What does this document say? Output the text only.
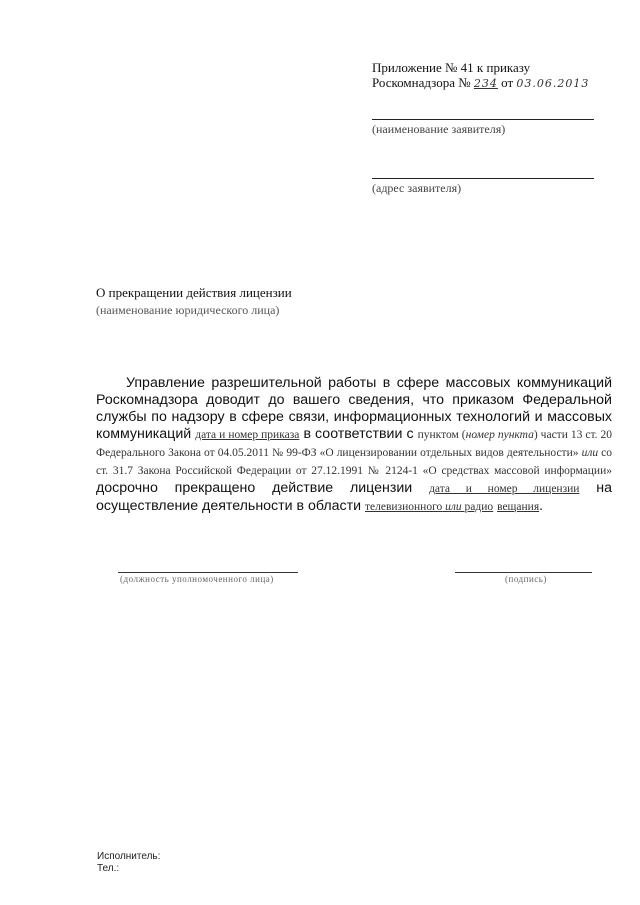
Приложение № 41 к приказу
Роскомнадзора № 234 от 03.06.2013
(наименование заявителя)
(адрес заявителя)
О прекращении действия лицензии
(наименование юридического лица)
Управление разрешительной работы в сфере массовых коммуникаций Роскомнадзора доводит до вашего сведения, что приказом Федеральной службы по надзору в сфере связи, информационных технологий и массовых коммуникаций дата и номер приказа в соответствии с пунктом (номер пункта) части 13 ст. 20 Федерального Закона от 04.05.2011 № 99-ФЗ «О лицензировании отдельных видов деятельности» или со ст. 31.7 Закона Российской Федерации от 27.12.1991 № 2124-1 «О средствах массовой информации» досрочно прекращено действие лицензии дата и номер лицензии на осуществление деятельности в области телевизионного или радио вещания.
(должность уполномоченного лица)	(подпись)
Исполнитель:
Тел.:
